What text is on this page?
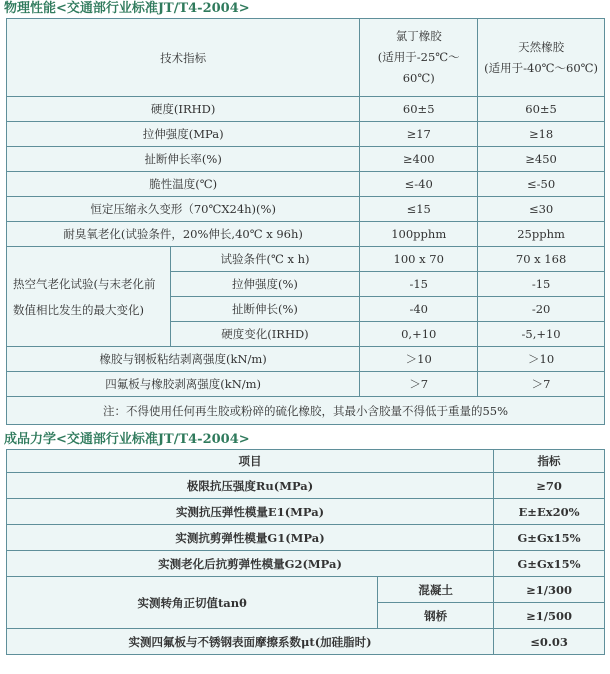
物理性能<交通部行业标准JT/T4-2004>
技术指标		氯丁橡胶
(适用于-25℃～
60℃)	天然橡胶
(适用于-40℃～60℃)
硬度(IRHD)		60±5	60±5
拉伸强度(MPa)		≥17	≥18
扯断伸长率(%)		≥400	≥450
脆性温度(℃)		≤-40	≤-50
恒定压缩永久变形（70℃X24h)(%)		≤15	≤30
耐臭氧老化(试验条件，20%伸长,40℃ x 96h)		100pphm	25pphm
热空气老化试验(与末老化前数值相比发生的最大变化)	试验条件(℃ x h)	100 x 70	70 x 168
	拉伸强度(%)	-15	-15
	扯断伸长(%)	-40	-20
	硬度变化(IRHD)	0,+10	-5,+10
橡胶与钢板粘结剥离强度(kN/m)		＞10	＞10
四氟板与橡胶剥离强度(kN/m)		＞7	＞7
注：不得使用任何再生胶或粉碎的硫化橡胶，其最小含胶量不得低于重量的55%			
成品力学<交通部行业标准JT/T4-2004>
项目		指标
极限抗压强度Ru(MPa)		≥70
实测抗压弹性模量E1(MPa)		E±Ex20%
实测抗剪弹性模量G1(MPa)		G±Gx15%
实测老化后抗剪弹性模量G2(MPa)		G±Gx15%
实测转角正切值tanθ	混凝土	≥1/300
	钢桥	≥1/500
实测四氟板与不锈钢表面摩擦系数μt(加硅脂时)		≤0.03
